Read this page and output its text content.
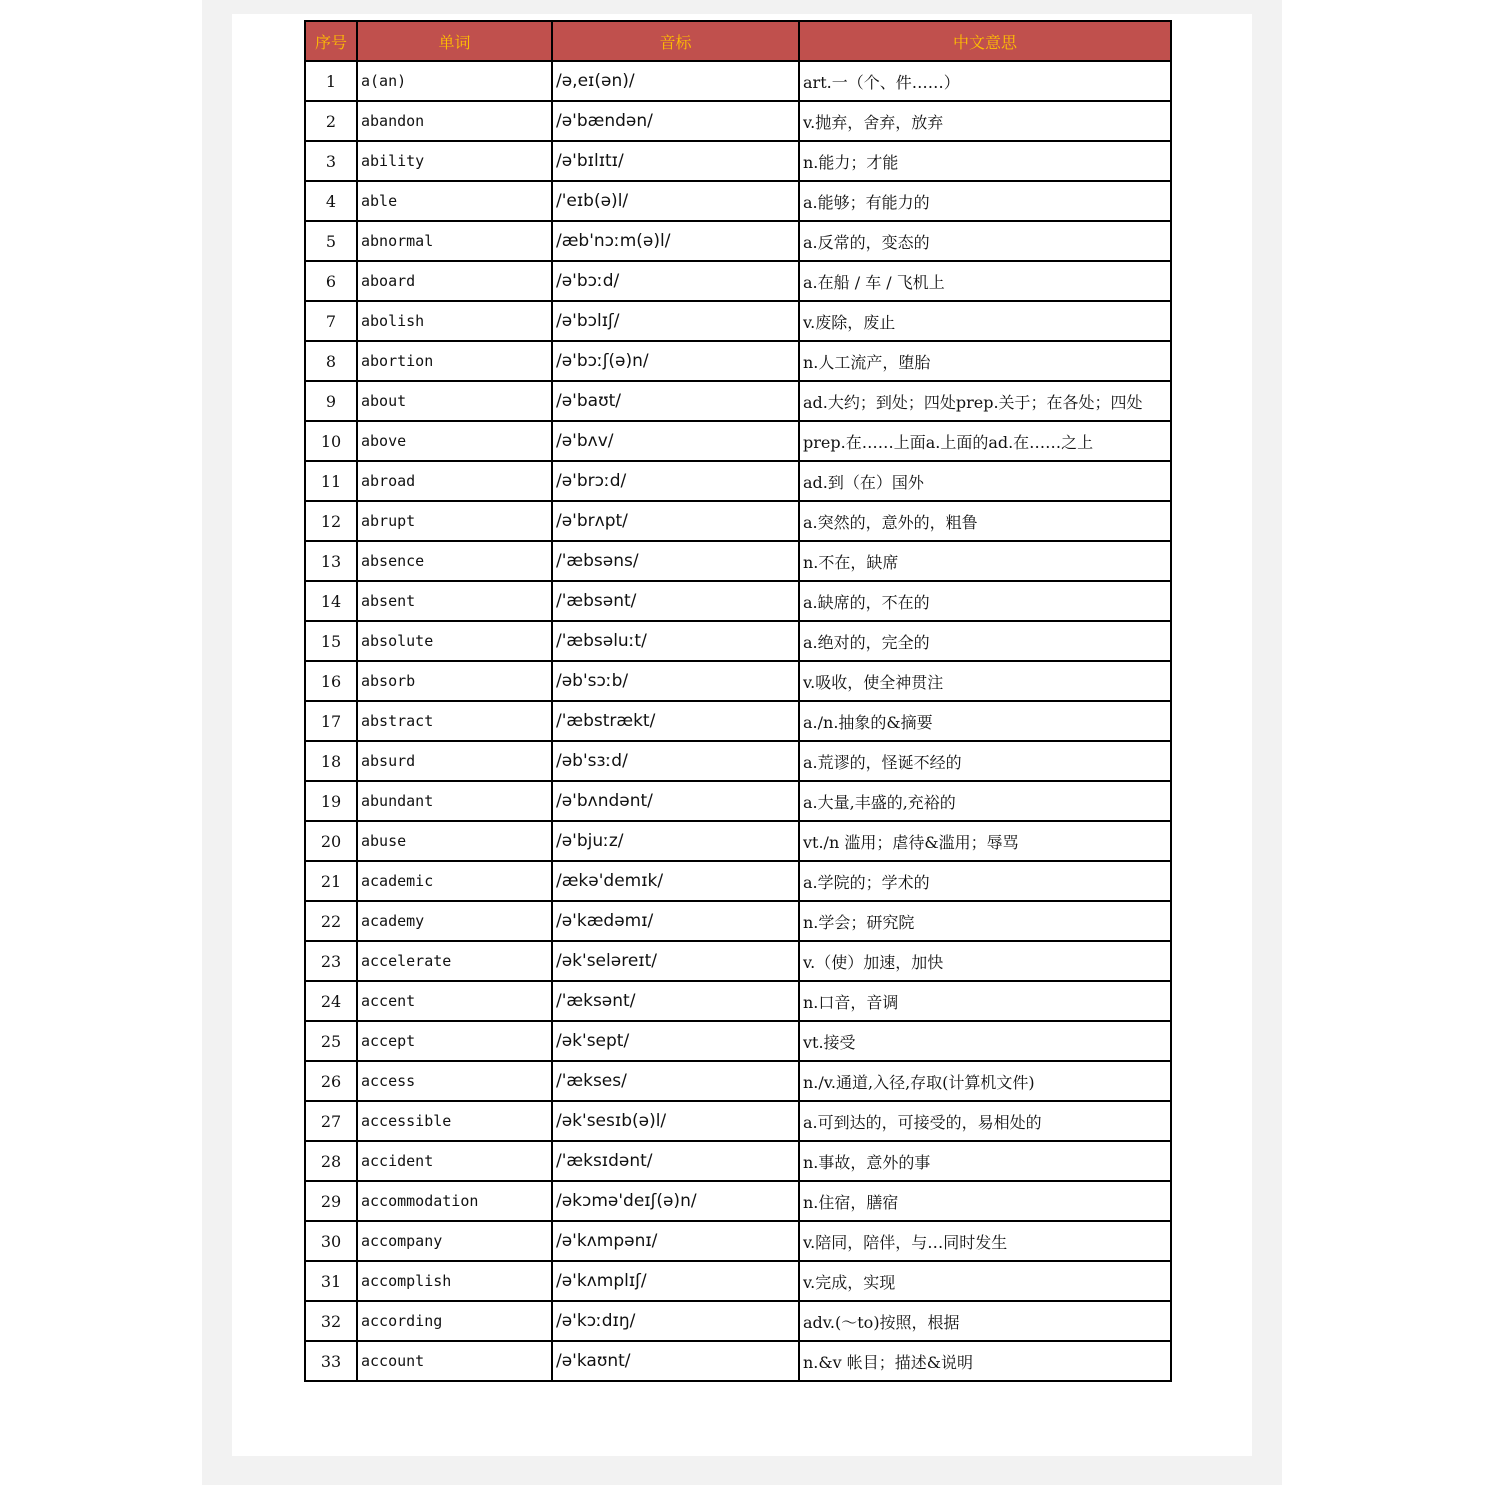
序号	单词	音标	中文意思
1	a(an)	/ə,eɪ(ən)/	art.一（个、件……）
2	abandon	/ə'bændən/	v.抛弃，舍弃，放弃
3	ability	/ə'bɪlɪtɪ/	n.能力；才能
4	able	/'eɪb(ə)l/	a.能够；有能力的
5	abnormal	/æb'nɔːm(ə)l/	a.反常的，变态的
6	aboard	/ə'bɔːd/	a.在船 / 车 / 飞机上
7	abolish	/ə'bɔlɪʃ/	v.废除，废止
8	abortion	/ə'bɔːʃ(ə)n/	n.人工流产，堕胎
9	about	/ə'baʊt/	ad.大约；到处；四处prep.关于；在各处；四处
10	above	/ə'bʌv/	prep.在……上面a.上面的ad.在……之上
11	abroad	/ə'brɔːd/	ad.到（在）国外
12	abrupt	/ə'brʌpt/	a.突然的，意外的，粗鲁
13	absence	/'æbsəns/	n.不在，缺席
14	absent	/'æbsənt/	a.缺席的，不在的
15	absolute	/'æbsəluːt/	a.绝对的，完全的
16	absorb	/əb'sɔːb/	v.吸收，使全神贯注
17	abstract	/'æbstrækt/	a./n.抽象的&摘要
18	absurd	/əb'sɜːd/	a.荒谬的，怪诞不经的
19	abundant	/ə'bʌndənt/	a.大量,丰盛的,充裕的
20	abuse	/ə'bjuːz/	vt./n 滥用；虐待&滥用；辱骂
21	academic	/ækə'demɪk/	a.学院的；学术的
22	academy	/ə'kædəmɪ/	n.学会；研究院
23	accelerate	/ək'seləreɪt/	v.（使）加速，加快
24	accent	/'æksənt/	n.口音，音调
25	accept	/ək'sept/	vt.接受
26	access	/'ækses/	n./v.通道,入径,存取(计算机文件)
27	accessible	/ək'sesɪb(ə)l/	a.可到达的，可接受的，易相处的
28	accident	/'æksɪdənt/	n.事故，意外的事
29	accommodation	/əkɔmə'deɪʃ(ə)n/	n.住宿，膳宿
30	accompany	/ə'kʌmpənɪ/	v.陪同，陪伴，与…同时发生
31	accomplish	/ə'kʌmplɪʃ/	v.完成，实现
32	according	/ə'kɔːdɪŋ/	adv.(～to)按照，根据
33	account	/ə'kaʊnt/	n.&v 帐目；描述&说明
